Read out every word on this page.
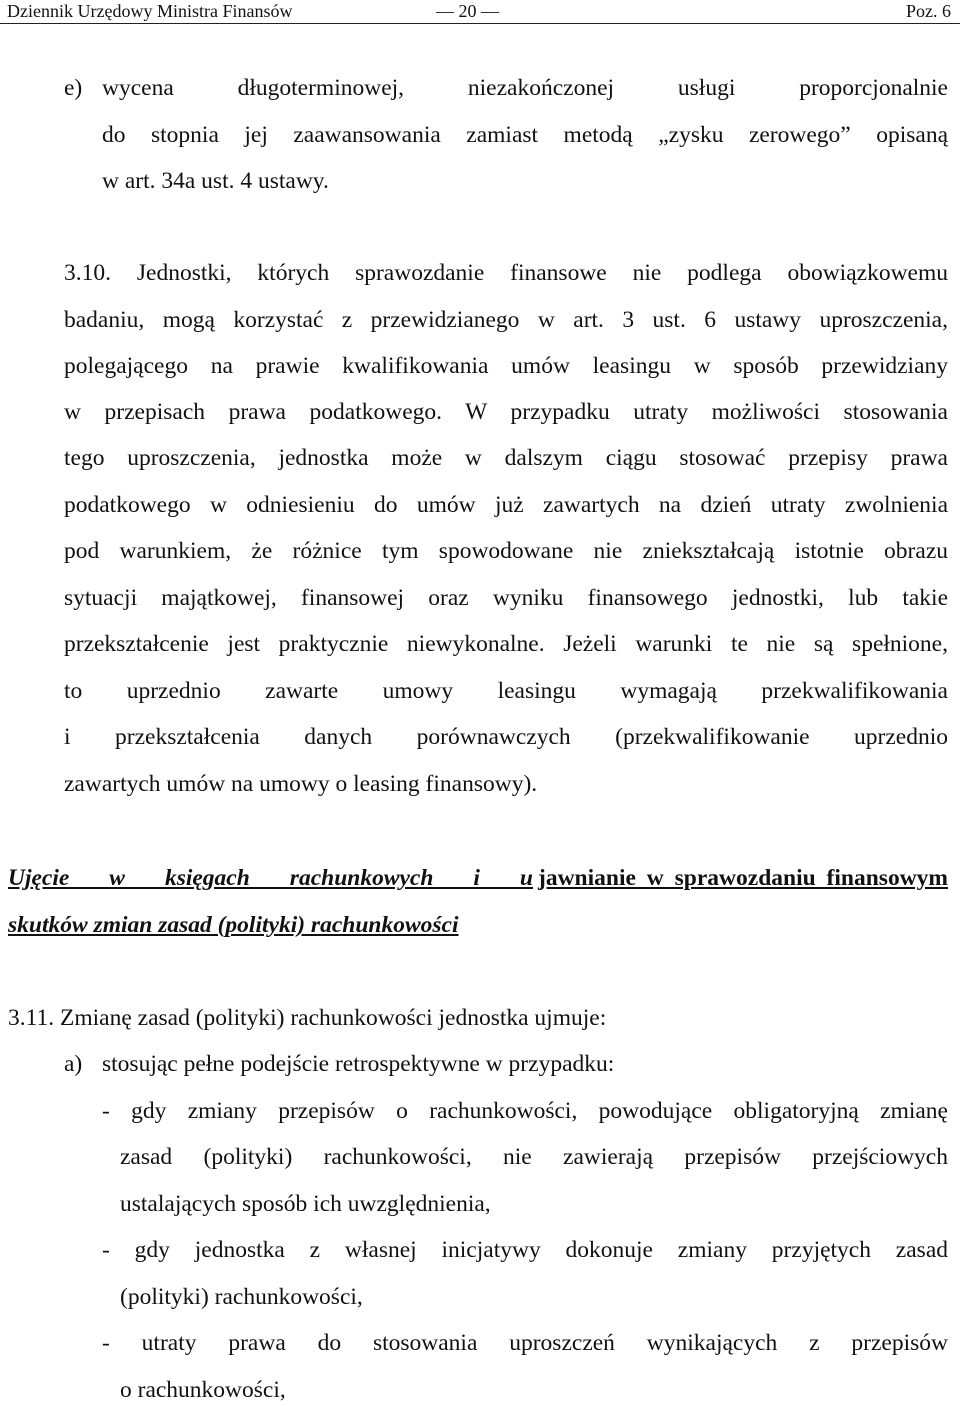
Dziennik Urzędowy Ministra Finansów	— 20 —	Poz. 6
e) wycena długoterminowej, niezakończonej usługi proporcjonalnie
do stopnia jej zaawansowania zamiast metodą „zysku zerowego” opisaną
w art. 34a ust. 4 ustawy.
3.10. Jednostki, których sprawozdanie finansowe nie podlega obowiązkowemu
badaniu, mogą korzystać z przewidzianego w art. 3 ust. 6 ustawy uproszczenia,
polegającego na prawie kwalifikowania umów leasingu w sposób przewidziany
w przepisach prawa podatkowego. W przypadku utraty możliwości stosowania
tego uproszczenia, jednostka może w dalszym ciągu stosować przepisy prawa
podatkowego w odniesieniu do umów już zawartych na dzień utraty zwolnienia
pod warunkiem, że różnice tym spowodowane nie zniekształcają istotnie obrazu
sytuacji majątkowej, finansowej oraz wyniku finansowego jednostki, lub takie
przekształcenie jest praktycznie niewykonalne. Jeżeli warunki te nie są spełnione,
to uprzednio zawarte umowy leasingu wymagają przekwalifikowania
i przekształcenia danych porównawczych (przekwalifikowanie uprzednio
zawartych umów na umowy o leasing finansowy).
Ujęcie w księgach rachunkowych i u jawnianie w sprawozdaniu finansowym
skutków zmian zasad (polityki) rachunkowości
3.11. Zmianę zasad (polityki) rachunkowości jednostka ujmuje:
a) stosując pełne podejście retrospektywne w przypadku:
- gdy zmiany przepisów o rachunkowości, powodujące obligatoryjną zmianę
zasad (polityki) rachunkowości, nie zawierają przepisów przejściowych
ustalających sposób ich uwzględnienia,
- gdy jednostka z własnej inicjatywy dokonuje zmiany przyjętych zasad
(polityki) rachunkowości,
- utraty prawa do stosowania uproszczeń wynikających z przepisów
o rachunkowości,
